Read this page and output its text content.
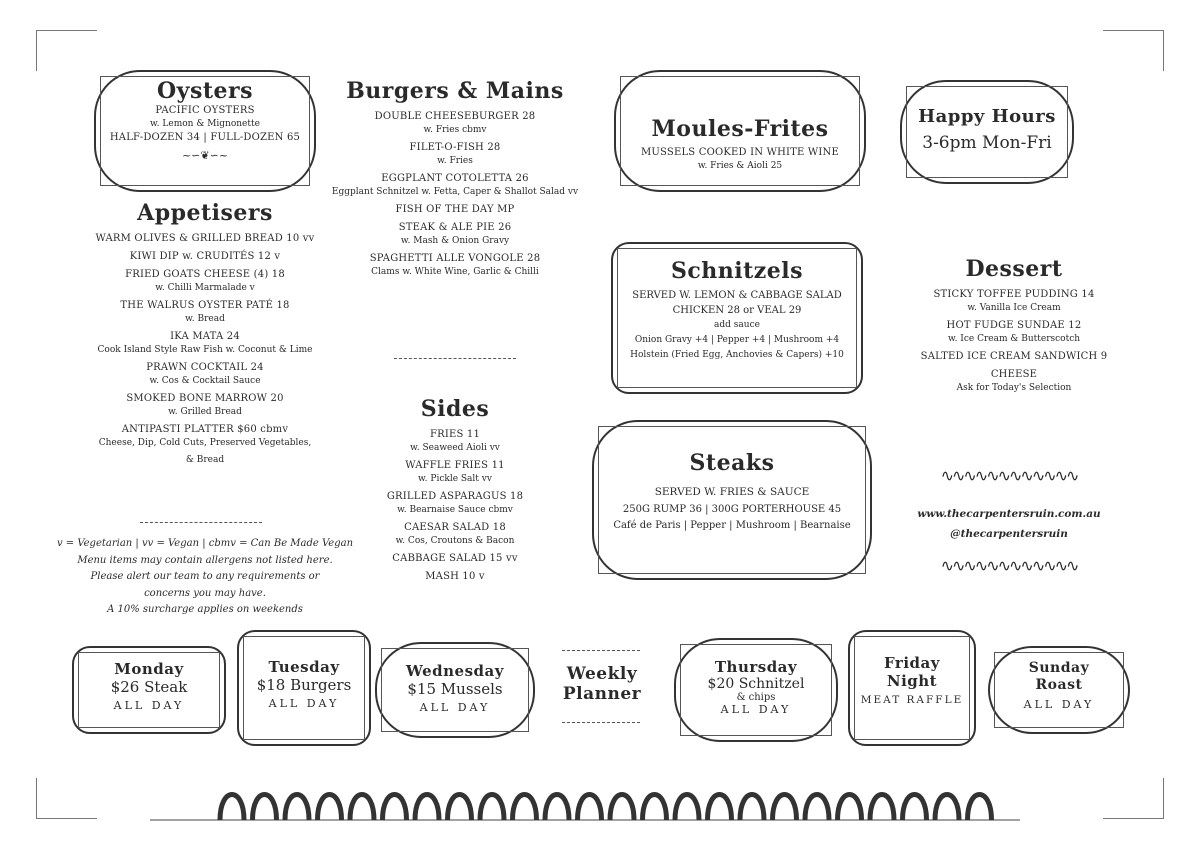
Oysters
PACIFIC OYSTERS
w. Lemon & Mignonette
HALF-DOZEN 34 | FULL-DOZEN 65
~∽❦∽~
Appetisers
WARM OLIVES & GRILLED BREAD 10 vv
KIWI DIP w. CRUDITÉS 12 v
FRIED GOATS CHEESE (4) 18
w. Chilli Marmalade v
THE WALRUS OYSTER PATÉ 18
w. Bread
IKA MATA 24
Cook Island Style Raw Fish w. Coconut & Lime
PRAWN COCKTAIL 24
w. Cos & Cocktail Sauce
SMOKED BONE MARROW 20
w. Grilled Bread
ANTIPASTI PLATTER $60 cbmv
Cheese, Dip, Cold Cuts, Preserved Vegetables,
& Bread
v = Vegetarian | vv = Vegan | cbmv = Can Be Made Vegan
Menu items may contain allergens not listed here.
Please alert our team to any requirements or
concerns you may have.
A 10% surcharge applies on weekends
Burgers & Mains
DOUBLE CHEESEBURGER 28
w. Fries cbmv
FILET-O-FISH 28
w. Fries
EGGPLANT COTOLETTA 26
Eggplant Schnitzel w. Fetta, Caper & Shallot Salad vv
FISH OF THE DAY MP
STEAK & ALE PIE 26
w. Mash & Onion Gravy
SPAGHETTI ALLE VONGOLE 28
Clams w. White Wine, Garlic & Chilli
Sides
FRIES 11
w. Seaweed Aioli vv
WAFFLE FRIES 11
w. Pickle Salt vv
GRILLED ASPARAGUS 18
w. Bearnaise Sauce cbmv
CAESAR SALAD 18
w. Cos, Croutons & Bacon
CABBAGE SALAD 15 vv
MASH 10 v
Moules-Frites
MUSSELS COOKED IN WHITE WINE
w. Fries & Aioli 25
Happy Hours
3-6pm Mon-Fri
Schnitzels
SERVED W. LEMON & CABBAGE SALAD
CHICKEN 28 or VEAL 29
add sauce
Onion Gravy +4 | Pepper +4 | Mushroom +4
Holstein (Fried Egg, Anchovies & Capers) +10
Dessert
STICKY TOFFEE PUDDING 14
w. Vanilla Ice Cream
HOT FUDGE SUNDAE 12
w. Ice Cream & Butterscotch
SALTED ICE CREAM SANDWICH 9
CHEESE
Ask for Today's Selection
Steaks
SERVED W. FRIES & SAUCE
250G RUMP 36 | 300G PORTERHOUSE 45
Café de Paris | Pepper | Mushroom | Bearnaise
∿∿∿∿∿∿∿∿∿∿∿∿
www.thecarpentersruin.com.au
@thecarpentersruin
∿∿∿∿∿∿∿∿∿∿∿∿
Monday
$26 Steak
ALL DAY
Tuesday
$18 Burgers
ALL DAY
Wednesday
$15 Mussels
ALL DAY
Weekly
Planner
Thursday
$20 Schnitzel
& chips
ALL DAY
Friday
Night
MEAT RAFFLE
Sunday
Roast
ALL DAY
